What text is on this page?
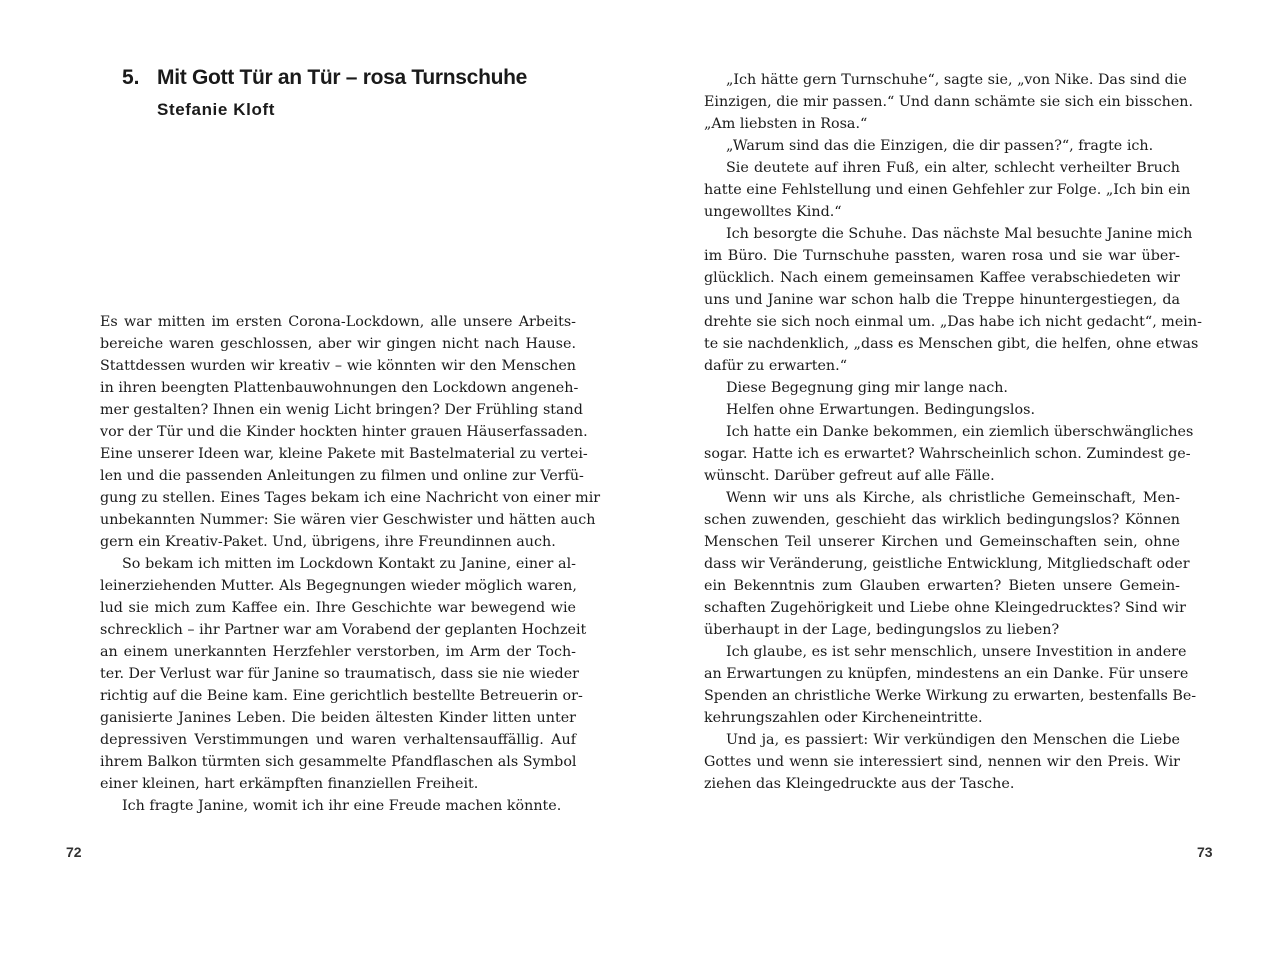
5. Mit Gott Tür an Tür – rosa Turnschuhe
Stefanie Kloft
Es war mitten im ersten Corona-Lockdown, alle unsere Arbeits-
bereiche waren geschlossen, aber wir gingen nicht nach Hause.
Stattdessen wurden wir kreativ – wie könnten wir den Menschen
in ihren beengten Plattenbauwohnungen den Lockdown angeneh-
mer gestalten? Ihnen ein wenig Licht bringen? Der Frühling stand
vor der Tür und die Kinder hockten hinter grauen Häuserfassaden.
Eine unserer Ideen war, kleine Pakete mit Bastelmaterial zu vertei-
len und die passenden Anleitungen zu filmen und online zur Verfü-
gung zu stellen. Eines Tages bekam ich eine Nachricht von einer mir
unbekannten Nummer: Sie wären vier Geschwister und hätten auch
gern ein Kreativ-Paket. Und, übrigens, ihre Freundinnen auch.
So bekam ich mitten im Lockdown Kontakt zu Janine, einer al-
leinerziehenden Mutter. Als Begegnungen wieder möglich waren,
lud sie mich zum Kaffee ein. Ihre Geschichte war bewegend wie
schrecklich – ihr Partner war am Vorabend der geplanten Hochzeit
an einem unerkannten Herzfehler verstorben, im Arm der Toch-
ter. Der Verlust war für Janine so traumatisch, dass sie nie wieder
richtig auf die Beine kam. Eine gerichtlich bestellte Betreuerin or-
ganisierte Janines Leben. Die beiden ältesten Kinder litten unter
depressiven Verstimmungen und waren verhaltensauffällig. Auf
ihrem Balkon türmten sich gesammelte Pfandflaschen als Symbol
einer kleinen, hart erkämpften finanziellen Freiheit.
Ich fragte Janine, womit ich ihr eine Freude machen könnte.
72
„Ich hätte gern Turnschuhe“, sagte sie, „von Nike. Das sind die
Einzigen, die mir passen.“ Und dann schämte sie sich ein bisschen.
„Am liebsten in Rosa.“
„Warum sind das die Einzigen, die dir passen?“, fragte ich.
Sie deutete auf ihren Fuß, ein alter, schlecht verheilter Bruch
hatte eine Fehlstellung und einen Gehfehler zur Folge. „Ich bin ein
ungewolltes Kind.“
Ich besorgte die Schuhe. Das nächste Mal besuchte Janine mich
im Büro. Die Turnschuhe passten, waren rosa und sie war über-
glücklich. Nach einem gemeinsamen Kaffee verabschiedeten wir
uns und Janine war schon halb die Treppe hinuntergestiegen, da
drehte sie sich noch einmal um. „Das habe ich nicht gedacht“, mein-
te sie nachdenklich, „dass es Menschen gibt, die helfen, ohne etwas
dafür zu erwarten.“
Diese Begegnung ging mir lange nach.
Helfen ohne Erwartungen. Bedingungslos.
Ich hatte ein Danke bekommen, ein ziemlich überschwängliches
sogar. Hatte ich es erwartet? Wahrscheinlich schon. Zumindest ge-
wünscht. Darüber gefreut auf alle Fälle.
Wenn wir uns als Kirche, als christliche Gemeinschaft, Men-
schen zuwenden, geschieht das wirklich bedingungslos? Können
Menschen Teil unserer Kirchen und Gemeinschaften sein, ohne
dass wir Veränderung, geistliche Entwicklung, Mitgliedschaft oder
ein Bekenntnis zum Glauben erwarten? Bieten unsere Gemein-
schaften Zugehörigkeit und Liebe ohne Kleingedrucktes? Sind wir
überhaupt in der Lage, bedingungslos zu lieben?
Ich glaube, es ist sehr menschlich, unsere Investition in andere
an Erwartungen zu knüpfen, mindestens an ein Danke. Für unsere
Spenden an christliche Werke Wirkung zu erwarten, bestenfalls Be-
kehrungszahlen oder Kircheneintritte.
Und ja, es passiert: Wir verkündigen den Menschen die Liebe
Gottes und wenn sie interessiert sind, nennen wir den Preis. Wir
ziehen das Kleingedruckte aus der Tasche.
73
